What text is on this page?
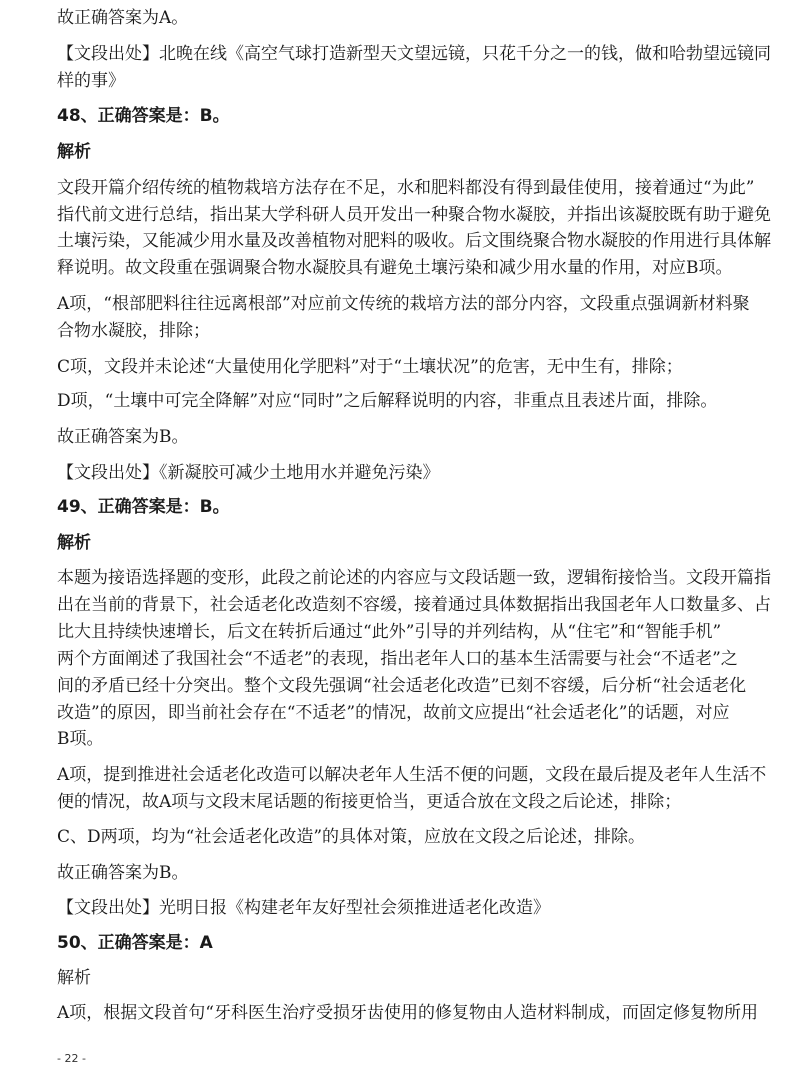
故正确答案为A。
【文段出处】北晚在线《高空气球打造新型天文望远镜，只花千分之一的钱，做和哈勃望远镜同
样的事》
48、正确答案是：B。
解析
文段开篇介绍传统的植物栽培方法存在不足，水和肥料都没有得到最佳使用，接着通过“为此”
指代前文进行总结，指出某大学科研人员开发出一种聚合物水凝胶，并指出该凝胶既有助于避免
土壤污染，又能减少用水量及改善植物对肥料的吸收。后文围绕聚合物水凝胶的作用进行具体解
释说明。故文段重在强调聚合物水凝胶具有避免土壤污染和减少用水量的作用，对应B项。
A项，“根部肥料往往远离根部”对应前文传统的栽培方法的部分内容，文段重点强调新材料聚
合物水凝胶，排除；
C项，文段并未论述“大量使用化学肥料”对于“土壤状况”的危害，无中生有，排除；
D项，“土壤中可完全降解”对应“同时”之后解释说明的内容，非重点且表述片面，排除。
故正确答案为B。
【文段出处】《新凝胶可减少土地用水并避免污染》
49、正确答案是：B。
解析
本题为接语选择题的变形，此段之前论述的内容应与文段话题一致，逻辑衔接恰当。文段开篇指
出在当前的背景下，社会适老化改造刻不容缓，接着通过具体数据指出我国老年人口数量多、占
比大且持续快速增长，后文在转折后通过“此外”引导的并列结构，从“住宅”和“智能手机”
两个方面阐述了我国社会“不适老”的表现，指出老年人口的基本生活需要与社会“不适老”之
间的矛盾已经十分突出。整个文段先强调“社会适老化改造”已刻不容缓，后分析“社会适老化
改造”的原因，即当前社会存在“不适老”的情况，故前文应提出“社会适老化”的话题，对应
B项。
A项，提到推进社会适老化改造可以解决老年人生活不便的问题，文段在最后提及老年人生活不
便的情况，故A项与文段末尾话题的衔接更恰当，更适合放在文段之后论述，排除；
C、D两项，均为“社会适老化改造”的具体对策，应放在文段之后论述，排除。
故正确答案为B。
【文段出处】光明日报《构建老年友好型社会须推进适老化改造》
50、正确答案是：A
解析
A项，根据文段首句“牙科医生治疗受损牙齿使用的修复物由人造材料制成，而固定修复物所用
- 22 -
